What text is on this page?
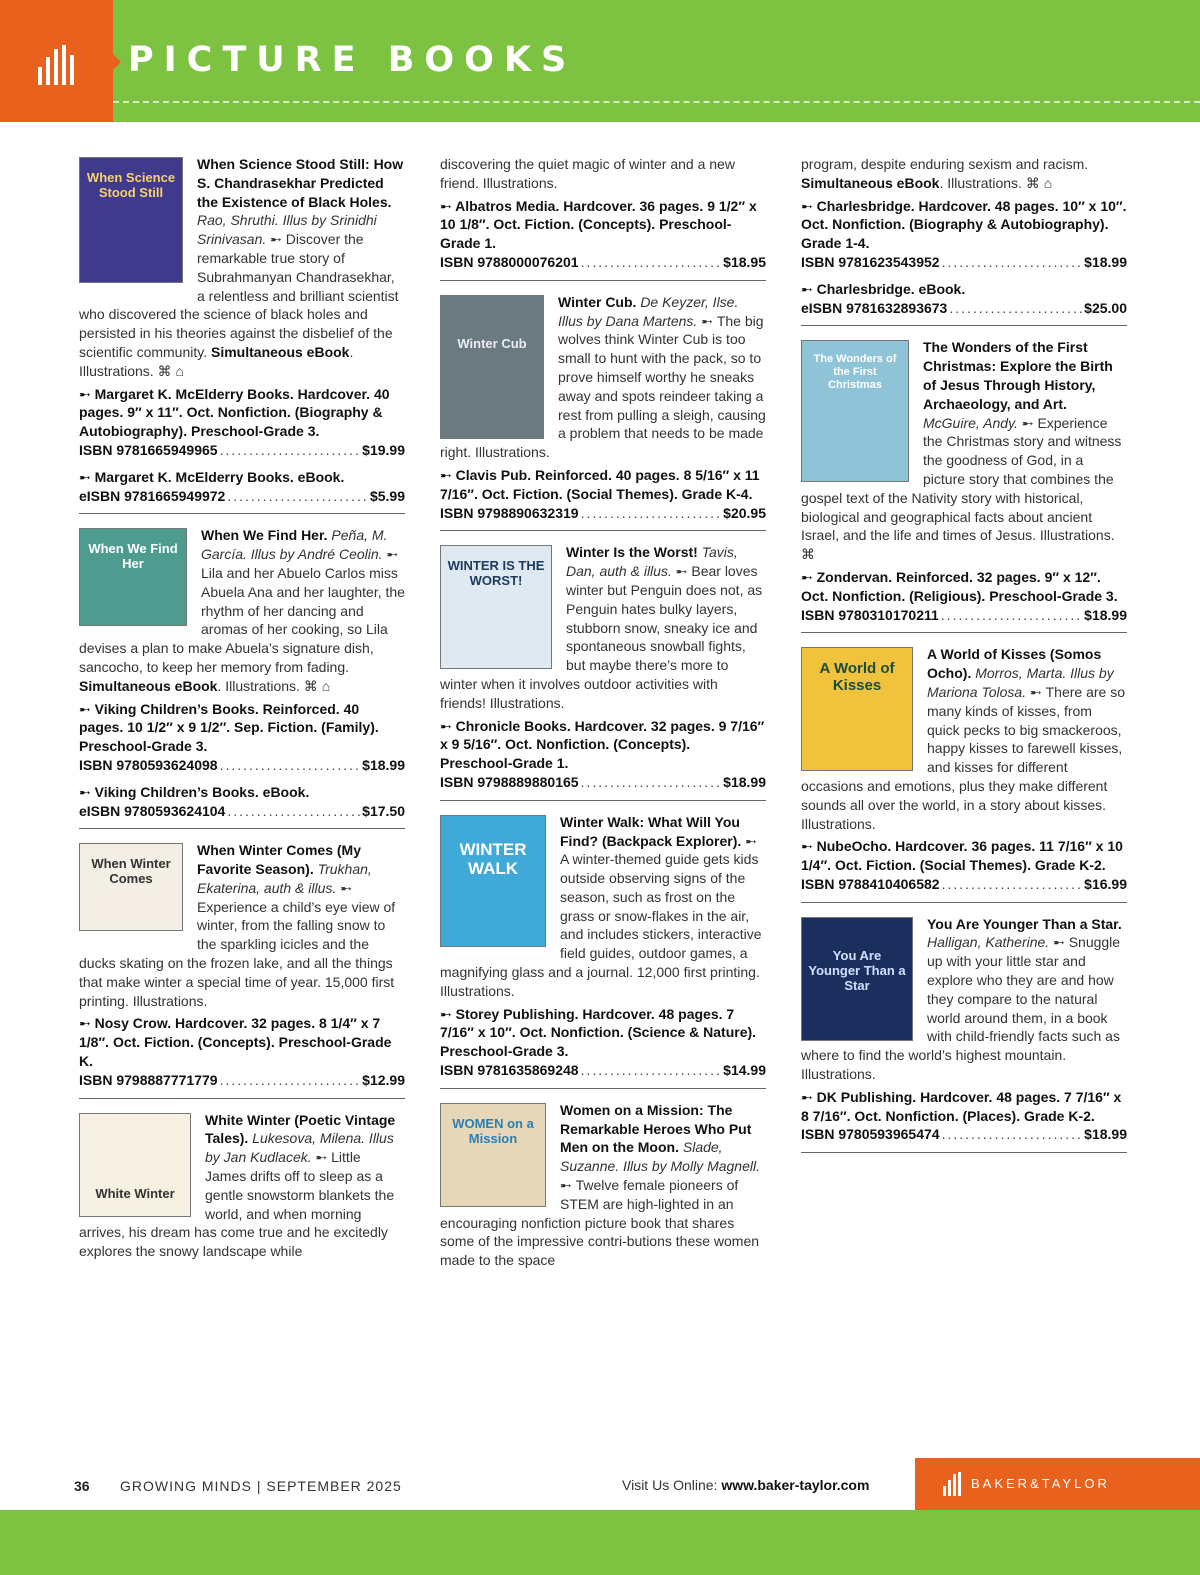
PICTURE BOOKS
When Science Stood Still
When Science Stood Still: How S. Chandrasekhar Predicted the Existence of Black Holes. Rao, Shruthi. Illus by Srinidhi Srinivasan. ➸ Discover the remarkable true story of Subrahmanyan Chandrasekhar, a relentless and brilliant scientist who discovered the science of black holes and persisted in his theories against the disbelief of the scientific community. Simultaneous eBook. Illustrations. ⌘ ⌂
➸ Margaret K. McElderry Books. Hardcover. 40 pages. 9″ x 11″. Oct. Nonfiction. (Biography & Autobiography). Preschool-Grade 3.
ISBN 9781665949965 .....	$19.99
➸ Margaret K. McElderry Books. eBook.
eISBN 9781665949972 .....	$5.99
When We Find Her
When We Find Her. Peña, M. García. Illus by André Ceolin. ➸ Lila and her Abuelo Carlos miss Abuela Ana and her laughter, the rhythm of her dancing and aromas of her cooking, so Lila devises a plan to make Abuela’s signature dish, sancocho, to keep her memory from fading. Simultaneous eBook. Illustrations. ⌘ ⌂
➸ Viking Children’s Books. Reinforced. 40 pages. 10 1/2″ x 9 1/2″. Sep. Fiction. (Family). Preschool-Grade 3.
ISBN 9780593624098 .....	$18.99
➸ Viking Children’s Books. eBook.
eISBN 9780593624104 .....	$17.50
When Winter Comes
When Winter Comes (My Favorite Season). Trukhan, Ekaterina, auth & illus. ➸ Experience a child’s eye view of winter, from the falling snow to the sparkling icicles and the ducks skating on the frozen lake, and all the things that make winter a special time of year. 15,000 first printing. Illustrations.
➸ Nosy Crow. Hardcover. 32 pages. 8 1/4″ x 7 1/8″. Oct. Fiction. (Concepts). Preschool-Grade K.
ISBN 9798887771779 .....	$12.99
White Winter
White Winter (Poetic Vintage Tales). Lukesova, Milena. Illus by Jan Kudlacek. ➸ Little James drifts off to sleep as a gentle snowstorm blankets the world, and when morning arrives, his dream has come true and he excitedly explores the snowy landscape while
discovering the quiet magic of winter and a new friend. Illustrations.
➸ Albatros Media. Hardcover. 36 pages. 9 1/2″ x 10 1/8″. Oct. Fiction. (Concepts). Preschool-Grade 1.
ISBN 9788000076201 .....	$18.95
Winter Cub
Winter Cub. De Keyzer, Ilse. Illus by Dana Martens. ➸ The big wolves think Winter Cub is too small to hunt with the pack, so to prove himself worthy he sneaks away and spots reindeer taking a rest from pulling a sleigh, causing a problem that needs to be made right. Illustrations.
➸ Clavis Pub. Reinforced. 40 pages. 8 5/16″ x 11 7/16″. Oct. Fiction. (Social Themes). Grade K-4.
ISBN 9798890632319 .....	$20.95
WINTER IS THE WORST!
Winter Is the Worst! Tavis, Dan, auth & illus. ➸ Bear loves winter but Penguin does not, as Penguin hates bulky layers, stubborn snow, sneaky ice and spontaneous snowball fights, but maybe there’s more to winter when it involves outdoor activities with friends! Illustrations.
➸ Chronicle Books. Hardcover. 32 pages. 9 7/16″ x 9 5/16″. Oct. Nonfiction. (Concepts). Preschool-Grade 1.
ISBN 9798889880165 .....	$18.99
WINTER WALK
Winter Walk: What Will You Find? (Backpack Explorer). ➸ A winter-themed guide gets kids outside observing signs of the season, such as frost on the grass or snow-flakes in the air, and includes stickers, interactive field guides, outdoor games, a magnifying glass and a journal. 12,000 first printing. Illustrations.
➸ Storey Publishing. Hardcover. 48 pages. 7 7/16″ x 10″. Oct. Nonfiction. (Science & Nature). Preschool-Grade 3.
ISBN 9781635869248 .....	$14.99
WOMEN on a Mission
Women on a Mission: The Remarkable Heroes Who Put Men on the Moon. Slade, Suzanne. Illus by Molly Magnell. ➸ Twelve female pioneers of STEM are high-lighted in an encouraging nonfiction picture book that shares some of the impressive contri-butions these women made to the space
program, despite enduring sexism and racism. Simultaneous eBook. Illustrations. ⌘ ⌂
➸ Charlesbridge. Hardcover. 48 pages. 10″ x 10″. Oct. Nonfiction. (Biography & Autobiography). Grade 1-4.
ISBN 9781623543952 .....	$18.99
➸ Charlesbridge. eBook.
eISBN 9781632893673 .....	$25.00
The Wonders of the First Christmas
The Wonders of the First Christmas: Explore the Birth of Jesus Through History, Archaeology, and Art. McGuire, Andy. ➸ Experience the Christmas story and witness the goodness of God, in a picture story that combines the gospel text of the Nativity story with historical, biological and geographical facts about ancient Israel, and the life and times of Jesus. Illustrations. ⌘
➸ Zondervan. Reinforced. 32 pages. 9″ x 12″. Oct. Nonfiction. (Religious). Preschool-Grade 3.
ISBN 9780310170211 .....	$18.99
A World of Kisses
A World of Kisses (Somos Ocho). Morros, Marta. Illus by Mariona Tolosa. ➸ There are so many kinds of kisses, from quick pecks to big smackeroos, happy kisses to farewell kisses, and kisses for different occasions and emotions, plus they make different sounds all over the world, in a story about kisses. Illustrations.
➸ NubeOcho. Hardcover. 36 pages. 11 7/16″ x 10 1/4″. Oct. Fiction. (Social Themes). Grade K-2.
ISBN 9788410406582 .....	$16.99
You Are Younger Than a Star
You Are Younger Than a Star. Halligan, Katherine. ➸ Snuggle up with your little star and explore who they are and how they compare to the natural world around them, in a book with child-friendly facts such as where to find the world’s highest mountain. Illustrations.
➸ DK Publishing. Hardcover. 48 pages. 7 7/16″ x 8 7/16″. Oct. Nonfiction. (Places). Grade K-2.
ISBN 9780593965474 .....	$18.99
36 GROWING MINDS | SEPTEMBER 2025	Visit Us Online: www.baker-taylor.com	BAKER&TAYLOR
